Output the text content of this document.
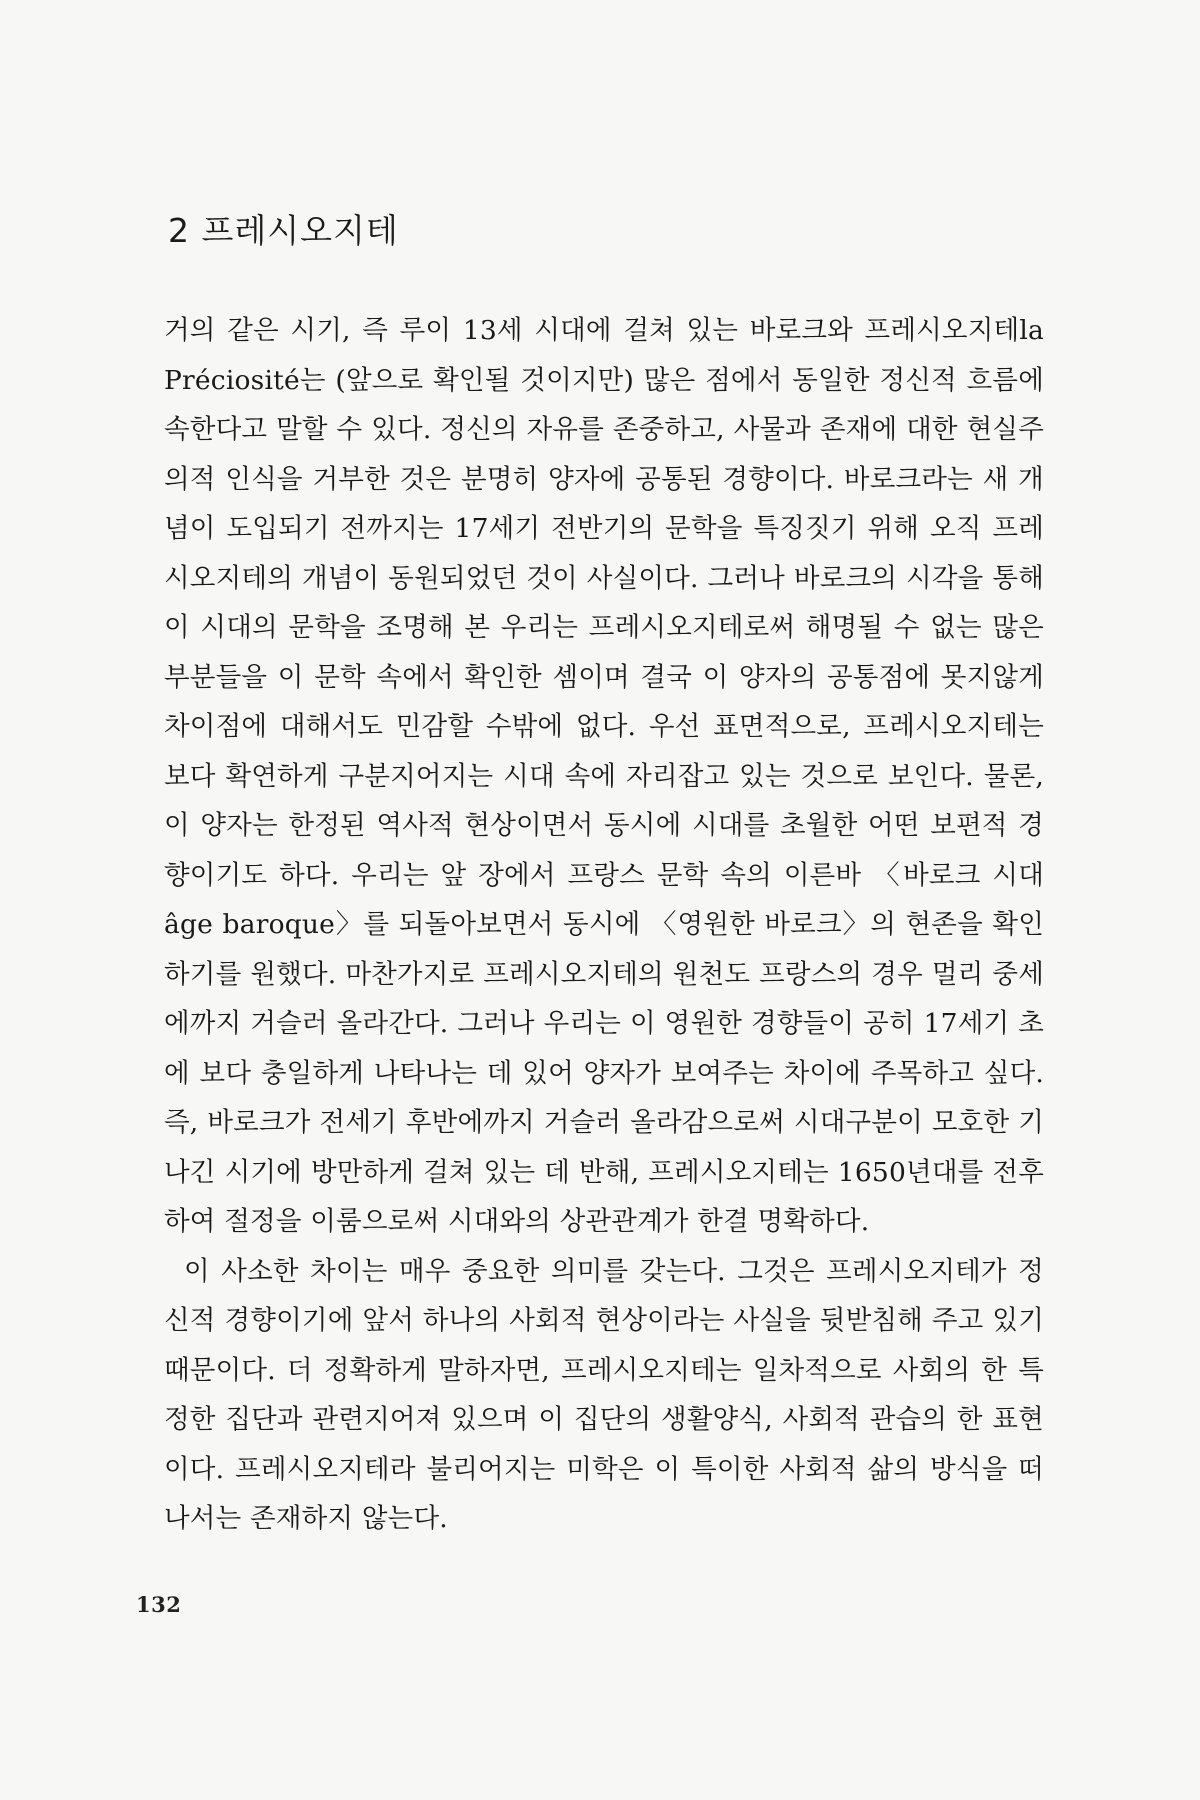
2 프레시오지테

거의 같은 시기, 즉 루이 13세 시대에 걸쳐 있는 바로크와 프레시오지테la Préciosité는 (앞으로 확인될 것이지만) 많은 점에서 동일한 정신적 흐름에 속한다고 말할 수 있다. 정신의 자유를 존중하고, 사물과 존재에 대한 현실주의적 인식을 거부한 것은 분명히 양자에 공통된 경향이다. 바로크라는 새 개념이 도입되기 전까지는 17세기 전반기의 문학을 특징짓기 위해 오직 프레시오지테의 개념이 동원되었던 것이 사실이다. 그러나 바로크의 시각을 통해 이 시대의 문학을 조명해 본 우리는 프레시오지테로써 해명될 수 없는 많은 부분들을 이 문학 속에서 확인한 셈이며 결국 이 양자의 공통점에 못지않게 차이점에 대해서도 민감할 수밖에 없다. 우선 표면적으로, 프레시오지테는 보다 확연하게 구분지어지는 시대 속에 자리잡고 있는 것으로 보인다. 물론, 이 양자는 한정된 역사적 현상이면서 동시에 시대를 초월한 어떤 보편적 경향이기도 하다. 우리는 앞 장에서 프랑스 문학 속의 이른바 〈바로크 시대âge baroque〉를 되돌아보면서 동시에 〈영원한 바로크〉의 현존을 확인하기를 원했다. 마찬가지로 프레시오지테의 원천도 프랑스의 경우 멀리 중세에까지 거슬러 올라간다. 그러나 우리는 이 영원한 경향들이 공히 17세기 초에 보다 충일하게 나타나는 데 있어 양자가 보여주는 차이에 주목하고 싶다. 즉, 바로크가 전세기 후반에까지 거슬러 올라감으로써 시대구분이 모호한 기나긴 시기에 방만하게 걸쳐 있는 데 반해, 프레시오지테는 1650년대를 전후하여 절정을 이룸으로써 시대와의 상관관계가 한결 명확하다.

이 사소한 차이는 매우 중요한 의미를 갖는다. 그것은 프레시오지테가 정신적 경향이기에 앞서 하나의 사회적 현상이라는 사실을 뒷받침해 주고 있기 때문이다. 더 정확하게 말하자면, 프레시오지테는 일차적으로 사회의 한 특정한 집단과 관련지어져 있으며 이 집단의 생활양식, 사회적 관습의 한 표현이다. 프레시오지테라 불리어지는 미학은 이 특이한 사회적 삶의 방식을 떠나서는 존재하지 않는다.

132
